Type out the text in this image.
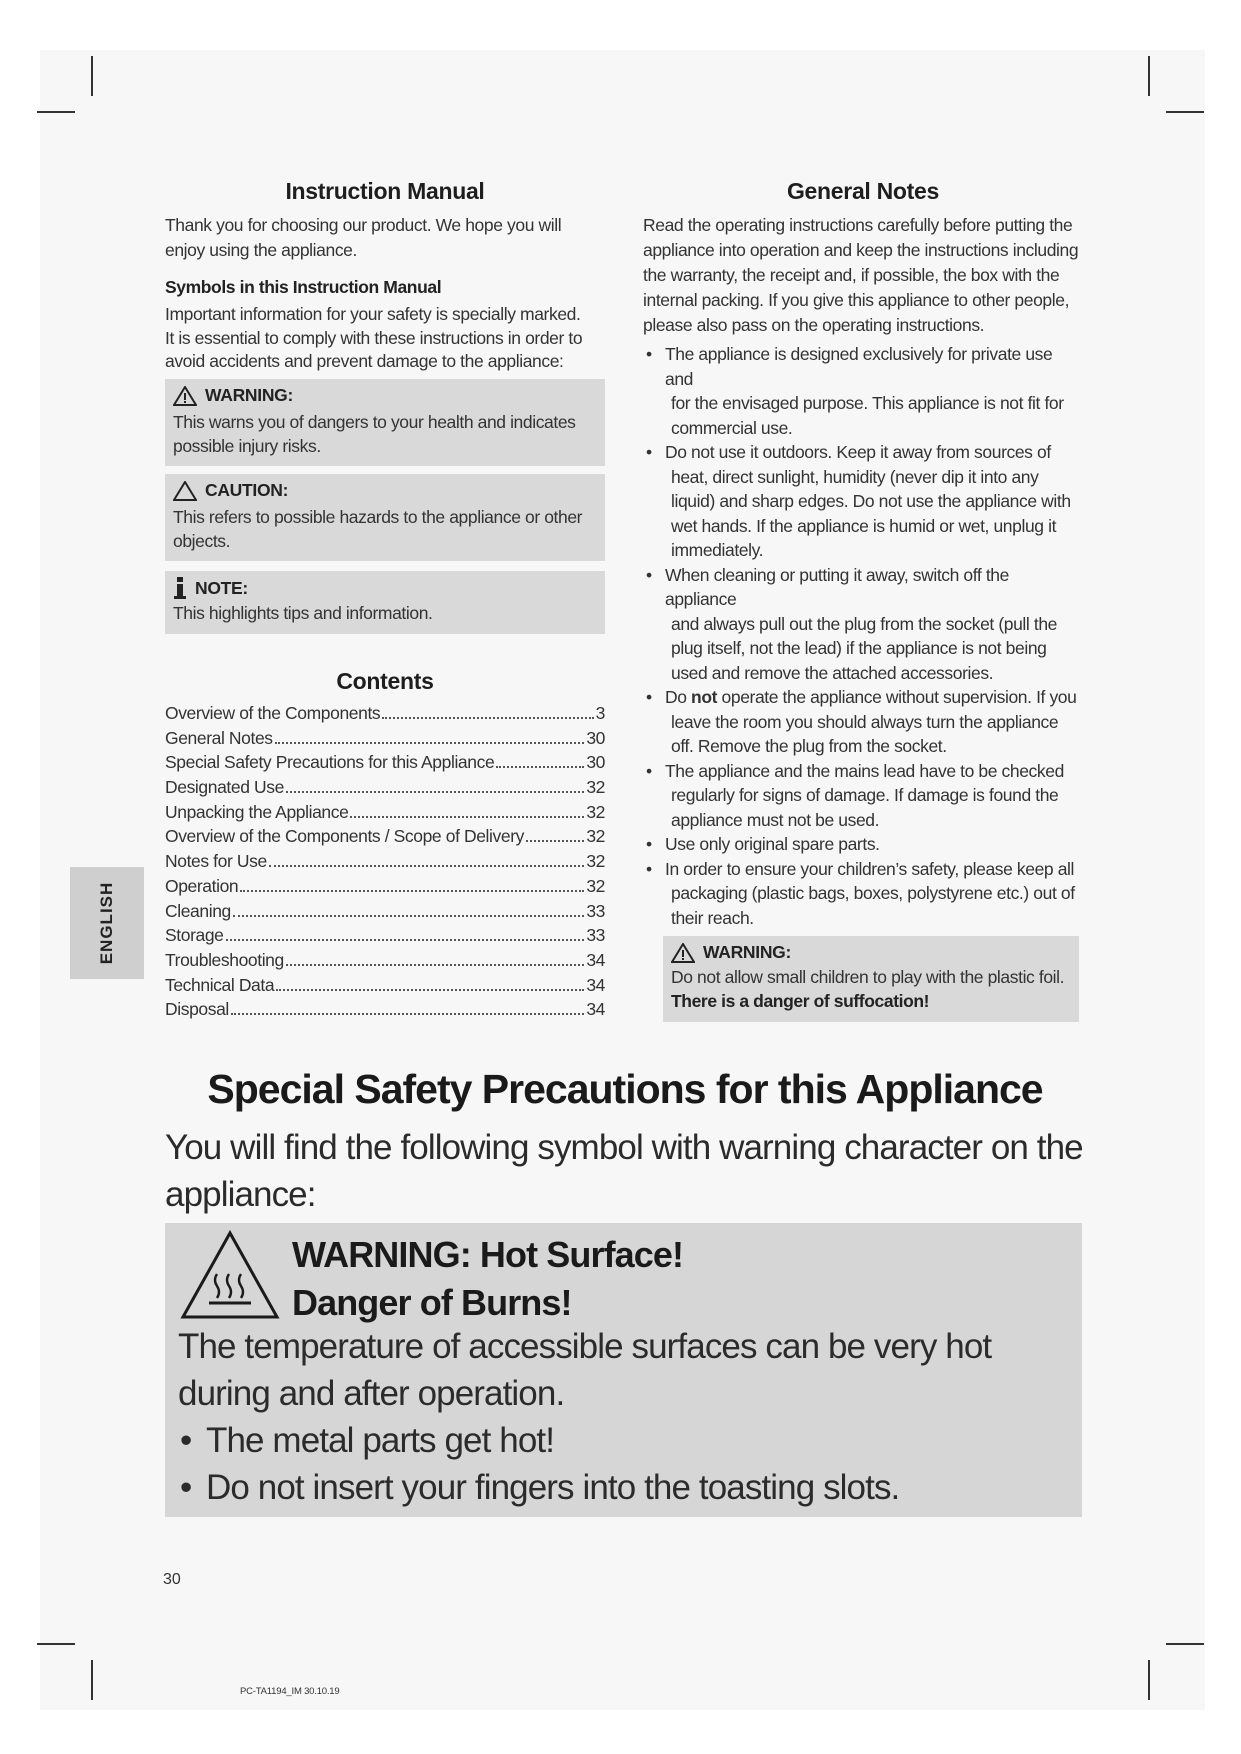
Instruction Manual

Thank you for choosing our product. We hope you will enjoy using the appliance.

Symbols in this Instruction Manual

Important information for your safety is specially marked.

It is essential to comply with these instructions in order to avoid accidents and prevent damage to the appliance:

WARNING:
This warns you of dangers to your health and indicates possible injury risks.
CAUTION:
This refers to possible hazards to the appliance or other objects.
NOTE:
This highlights tips and information.
Contents
Overview of the Components	3
General Notes	30
Special Safety Precautions for this Appliance	30
Designated Use	32
Unpacking the Appliance	32
Overview of the Components / Scope of Delivery	32
Notes for Use	32
Operation	32
Cleaning	33
Storage	33
Troubleshooting	34
Technical Data	34
Disposal	34
ENGLISH
General Notes

Read the operating instructions carefully before putting the appliance into operation and keep the instructions including the warranty, the receipt and, if possible, the box with the internal packing. If you give this appliance to other people, please also pass on the operating instructions.

• The appliance is designed exclusively for private use and
for the envisaged purpose. This appliance is not fit for commercial use.
• Do not use it outdoors. Keep it away from sources of
heat, direct sunlight, humidity (never dip it into any liquid) and sharp edges. Do not use the appliance with wet hands. If the appliance is humid or wet, unplug it immediately.
• When cleaning or putting it away, switch off the appliance
and always pull out the plug from the socket (pull the plug itself, not the lead) if the appliance is not being used and remove the attached accessories.
• Do not operate the appliance without supervision. If you
leave the room you should always turn the appliance off. Remove the plug from the socket.
• The appliance and the mains lead have to be checked
regularly for signs of damage. If damage is found the appliance must not be used.
• Use only original spare parts.
• In order to ensure your children’s safety, please keep all
packaging (plastic bags, boxes, polystyrene etc.) out of their reach.
WARNING:
Do not allow small children to play with the plastic foil.
There is a danger of suffocation!
Special Safety Precautions for this Appliance
You will find the following symbol with warning character on the appliance:
WARNING: Hot Surface!
Danger of Burns!
The temperature of accessible surfaces can be very hot during and after operation.
• The metal parts get hot!
• Do not insert your fingers into the toasting slots.
30
PC-TA1194_IM 30.10.19
